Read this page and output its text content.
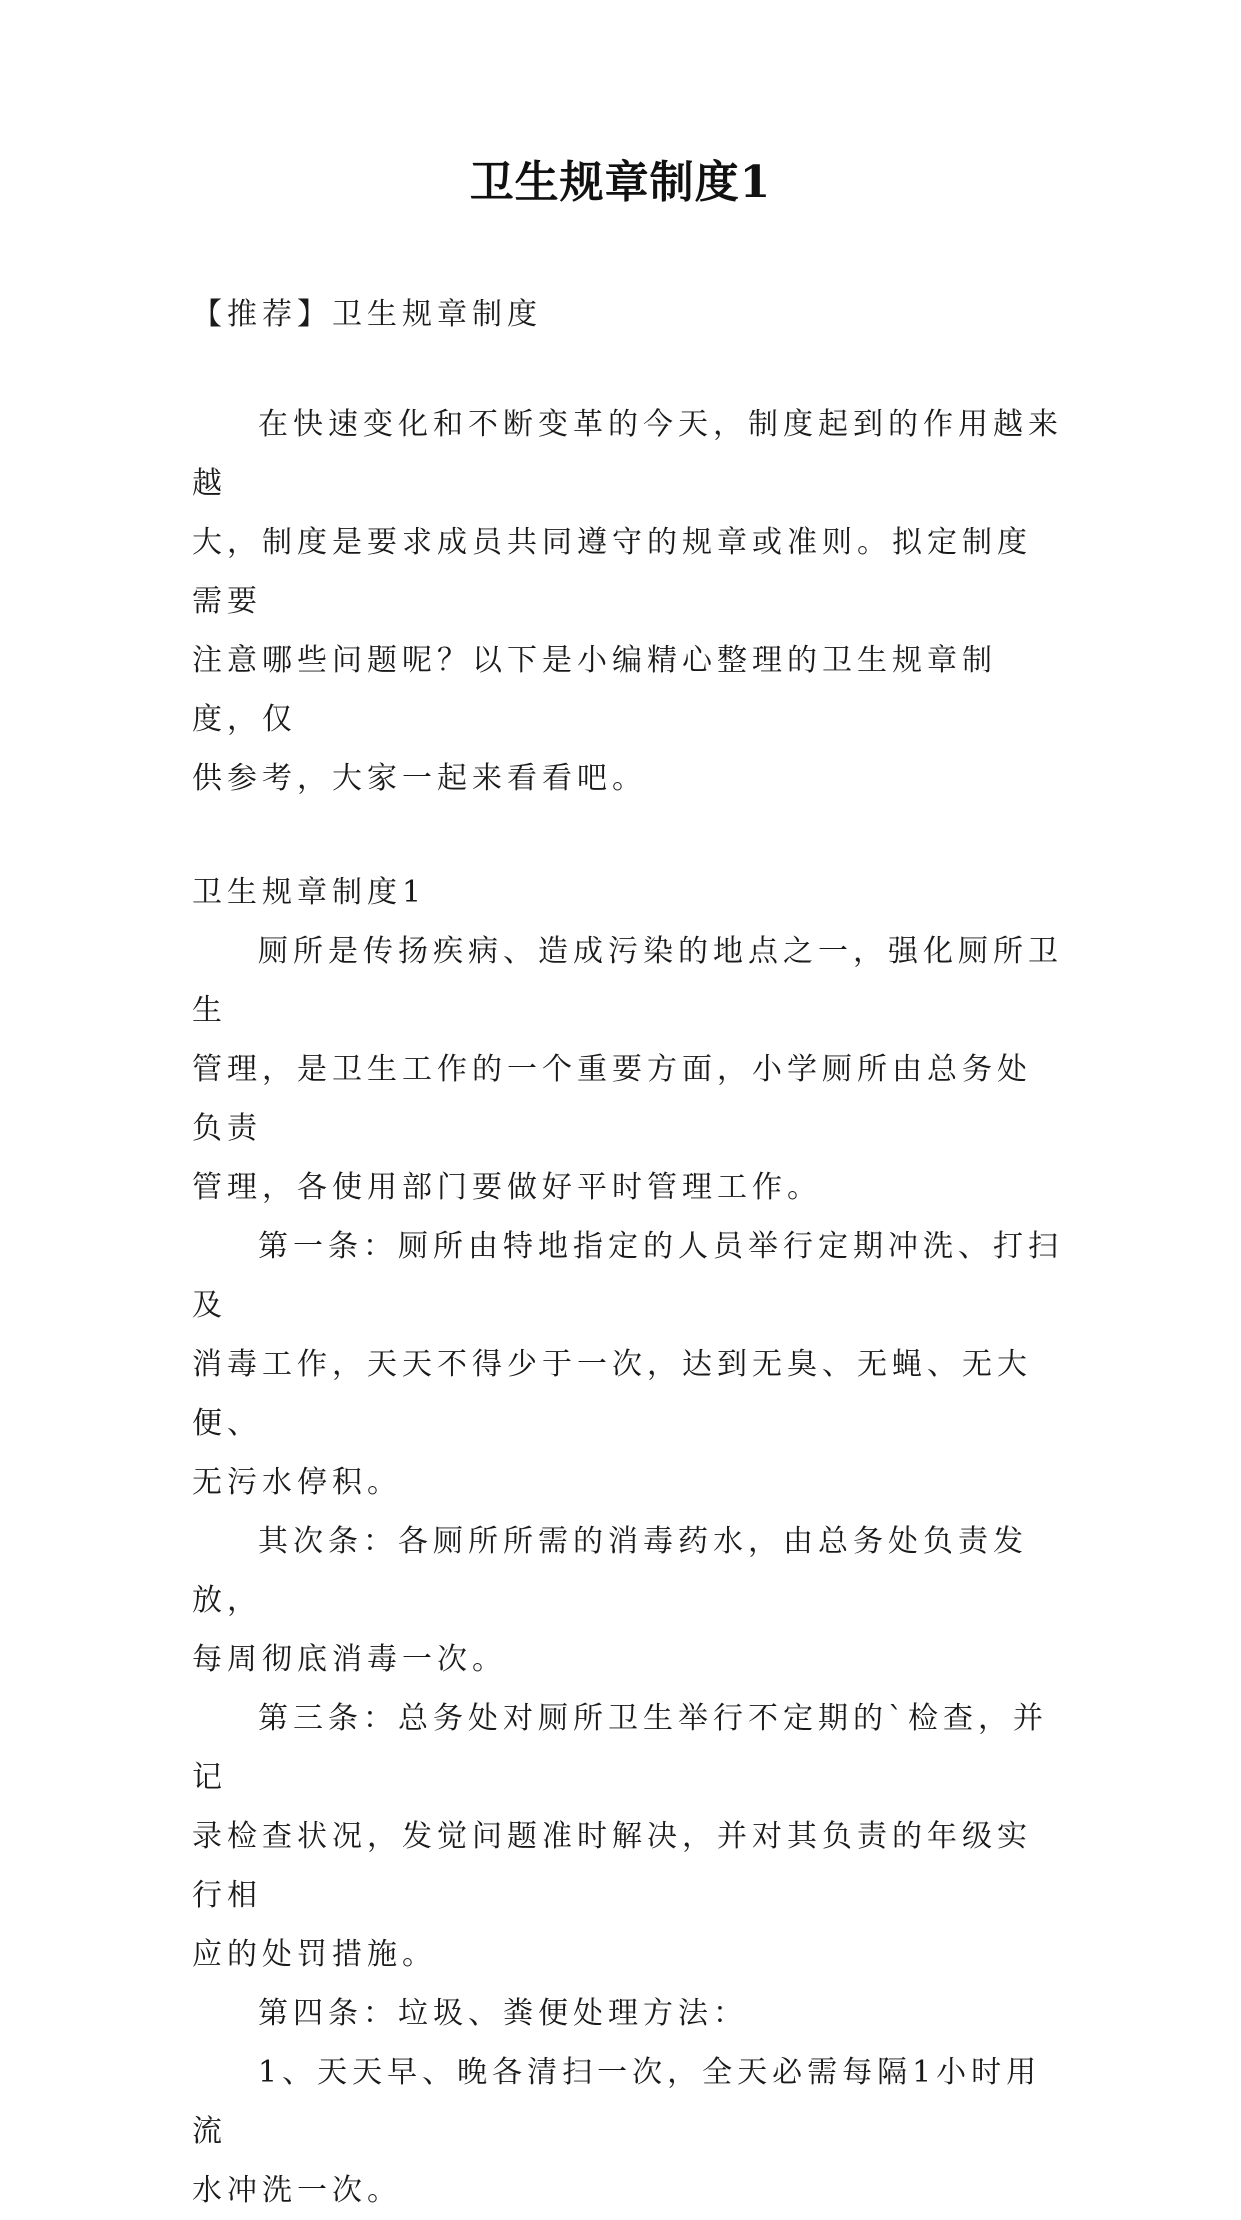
卫生规章制度1

【推荐】卫生规章制度

在快速变化和不断变革的今天，制度起到的作用越来越
大，制度是要求成员共同遵守的规章或准则。拟定制度需要
注意哪些问题呢？以下是小编精心整理的卫生规章制度，仅
供参考，大家一起来看看吧。

卫生规章制度1

厕所是传扬疾病、造成污染的地点之一，强化厕所卫生
管理，是卫生工作的一个重要方面，小学厕所由总务处负责
管理，各使用部门要做好平时管理工作。

第一条：厕所由特地指定的人员举行定期冲洗、打扫及
消毒工作，天天不得少于一次，达到无臭、无蝇、无大便、
无污水停积。

其次条：各厕所所需的消毒药水，由总务处负责发放，
每周彻底消毒一次。

第三条：总务处对厕所卫生举行不定期的`检查，并记
录检查状况，发觉问题准时解决，并对其负责的年级实行相
应的处罚措施。

第四条：垃圾、粪便处理方法：

1、天天早、晚各清扫一次，全天必需每隔1小时用流
水冲洗一次。
